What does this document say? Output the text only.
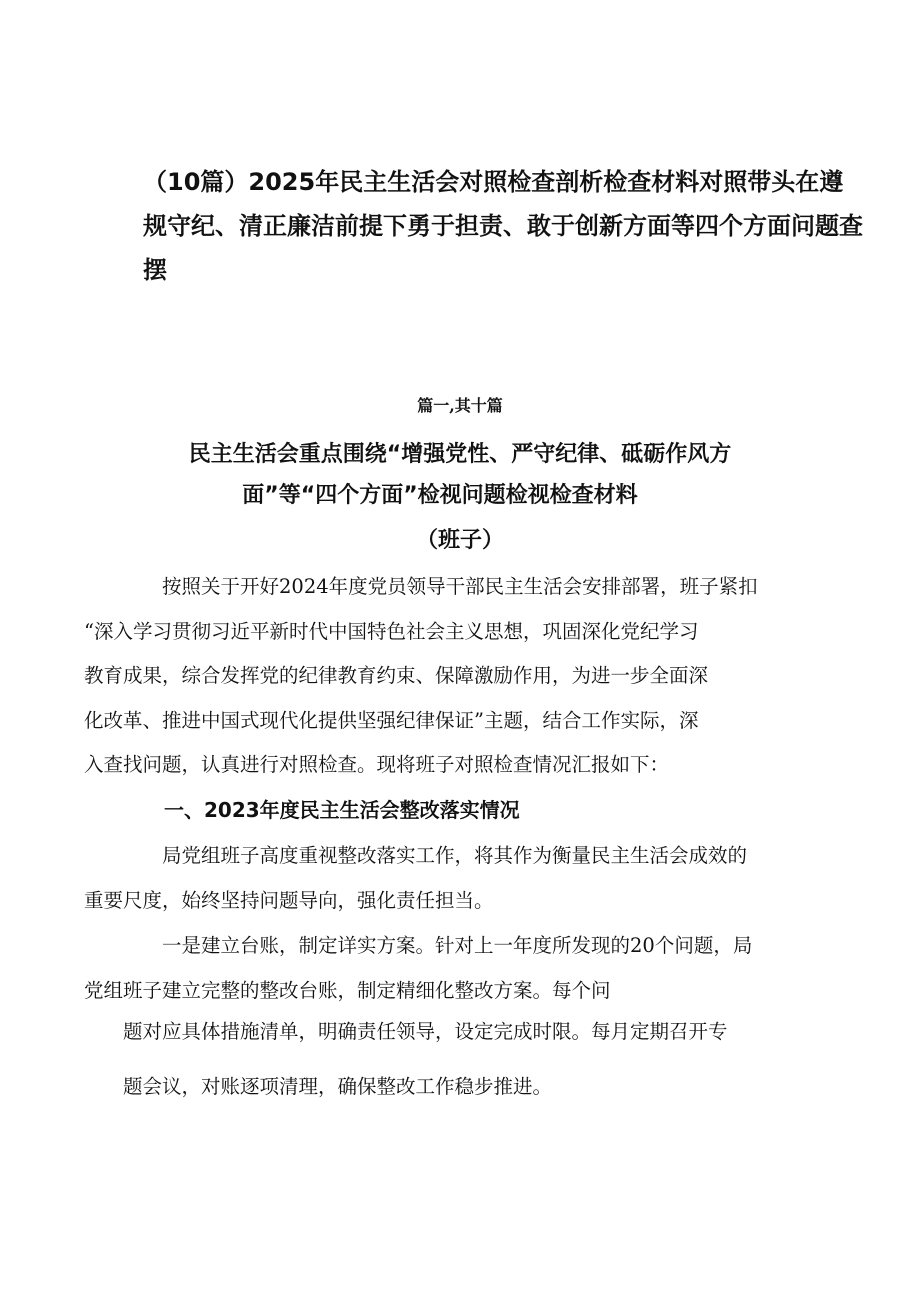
（10篇）2025年民主生活会对照检查剖析检查材料对照带头在遵
规守纪、清正廉洁前提下勇于担责、敢于创新方面等四个方面问题查
摆

篇一,其十篇

民主生活会重点围绕“增强党性、严守纪律、砥砺作风方
面”等“四个方面”检视问题检视检查材料
（班子）
按照关于开好2024年度党员领导干部民主生活会安排部署，班子紧扣
“深入学习贯彻习近平新时代中国特色社会主义思想，巩固深化党纪学习
教育成果，综合发挥党的纪律教育约束、保障激励作用，为进一步全面深
化改革、推进中国式现代化提供坚强纪律保证”主题，结合工作实际，深
入查找问题，认真进行对照检查。现将班子对照检查情况汇报如下：
一、2023年度民主生活会整改落实情况
局党组班子高度重视整改落实工作，将其作为衡量民主生活会成效的
重要尺度，始终坚持问题导向，强化责任担当。
一是建立台账，制定详实方案。针对上一年度所发现的20个问题，局
党组班子建立完整的整改台账，制定精细化整改方案。每个问

题对应具体措施清单，明确责任领导，设定完成时限。每月定期召开专

题会议，对账逐项清理，确保整改工作稳步推进。
